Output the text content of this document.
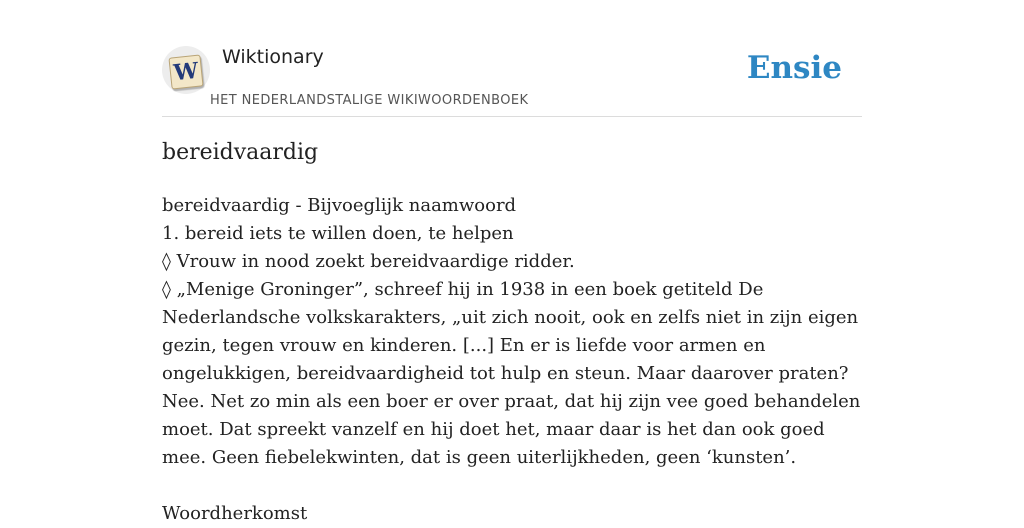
W
Wiktionary
HET NEDERLANDSTALIGE WIKIWOORDENBOEK
Ensie
bereidvaardig

bereidvaardig - Bijvoeglijk naamwoord

1. bereid iets te willen doen, te helpen

◊ Vrouw in nood zoekt bereidvaardige ridder.

◊ „Menige Groninger”, schreef hij in 1938 in een boek getiteld De Nederlandsche volkskarakters, „uit zich nooit, ook en zelfs niet in zijn eigen gezin, tegen vrouw en kinderen. [...] En er is liefde voor armen en ongelukkigen, bereidvaardigheid tot hulp en steun. Maar daarover praten? Nee. Net zo min als een boer er over praat, dat hij zijn vee goed behandelen moet. Dat spreekt vanzelf en hij doet het, maar daar is het dan ook goed mee. Geen fiebelekwinten, dat is geen uiterlijkheden, geen ‘kunsten’.

Woordherkomst
